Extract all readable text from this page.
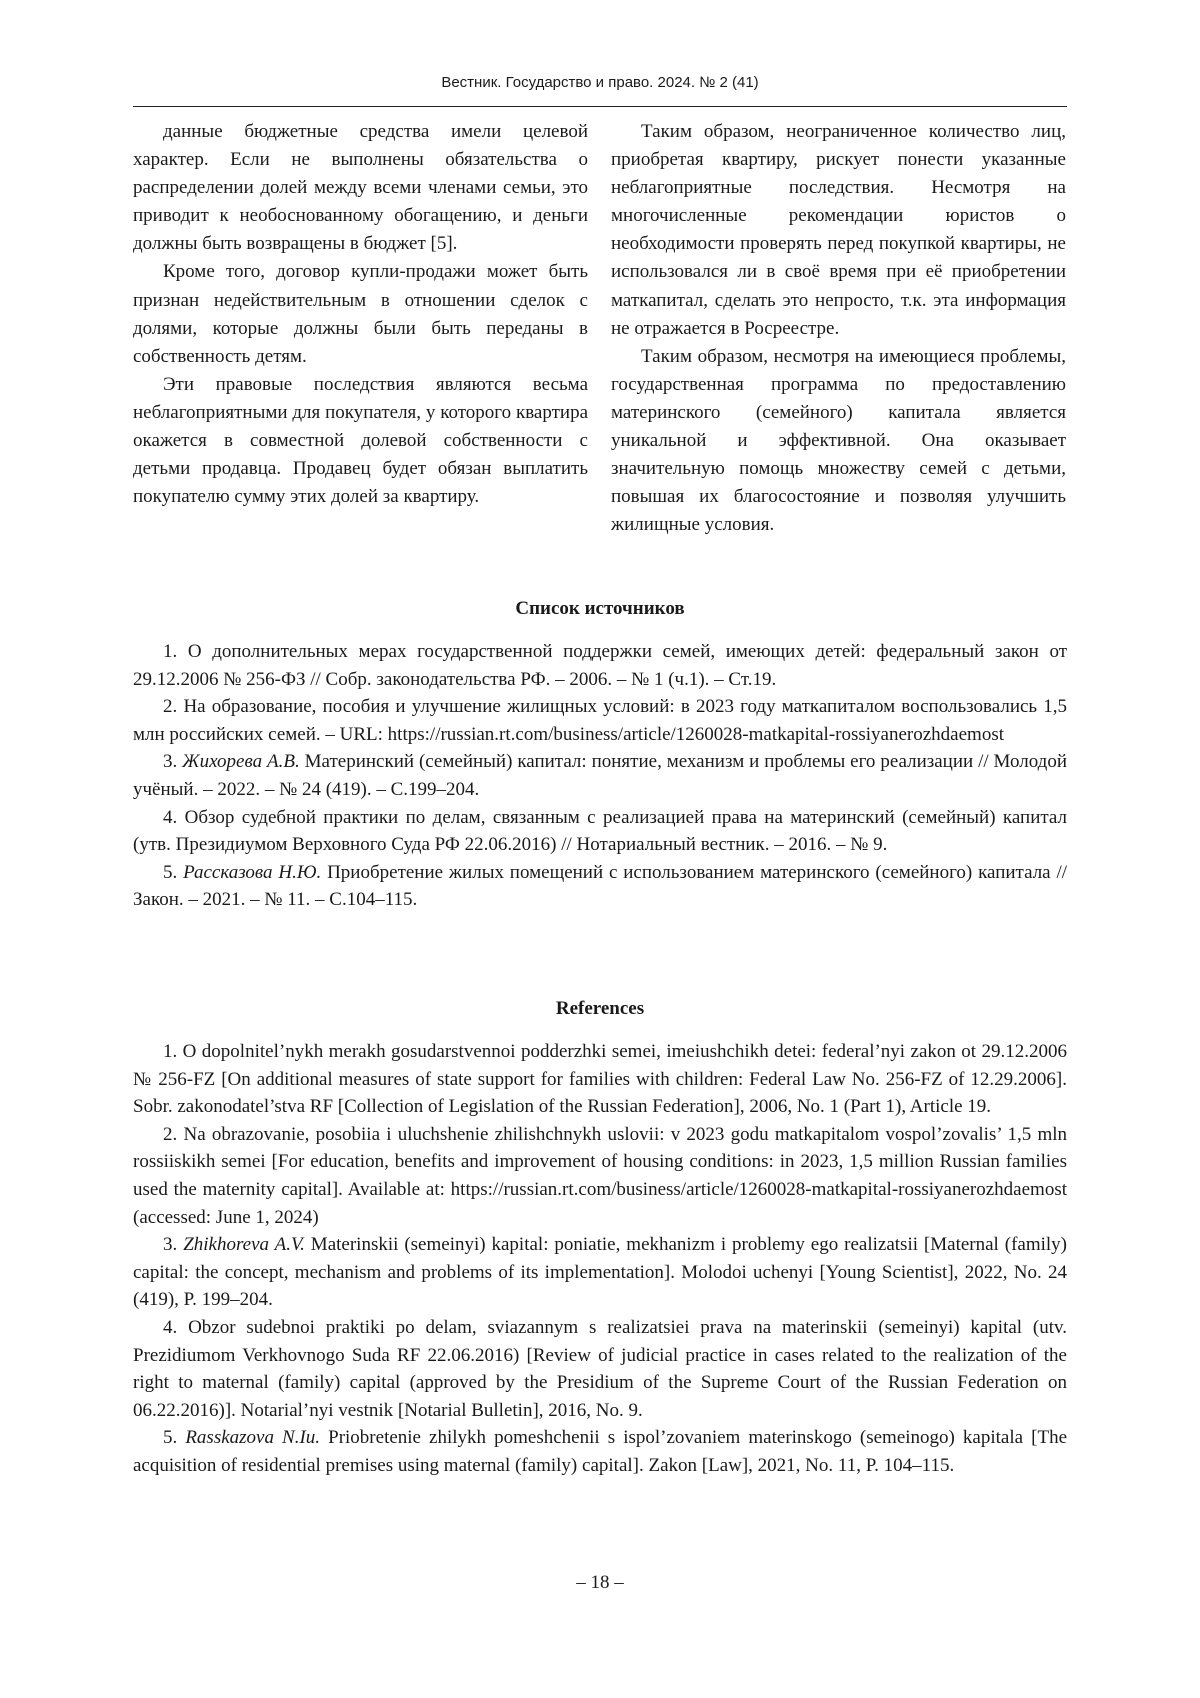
Вестник. Государство и право. 2024. № 2 (41)

данные бюджетные средства имели целевой характер. Если не выполнены обязательства о распределении долей между всеми членами семьи, это приводит к необоснованному обогащению, и деньги должны быть возвращены в бюджет [5].

Кроме того, договор купли-продажи может быть признан недействительным в отношении сделок с долями, которые должны были быть переданы в собственность детям.

Эти правовые последствия являются весьма неблагоприятными для покупателя, у которого квартира окажется в совместной долевой собственности с детьми продавца. Продавец будет обязан выплатить покупателю сумму этих долей за квартиру.

Таким образом, неограниченное количество лиц, приобретая квартиру, рискует понести указанные неблагоприятные последствия. Несмотря на многочисленные рекомендации юристов о необходимости проверять перед покупкой квартиры, не использовался ли в своё время при её приобретении маткапитал, сделать это непросто, т.к. эта информация не отражается в Росреестре.

Таким образом, несмотря на имеющиеся проблемы, государственная программа по предоставлению материнского (семейного) капитала является уникальной и эффективной. Она оказывает значительную помощь множеству семей с детьми, повышая их благосостояние и позволяя улучшить жилищные условия.

Список источников

1. О дополнительных мерах государственной поддержки семей, имеющих детей: федеральный закон от 29.12.2006 № 256-ФЗ // Собр. законодательства РФ. – 2006. – № 1 (ч.1). – Ст.19.

2. На образование, пособия и улучшение жилищных условий: в 2023 году маткапиталом воспользовались 1,5 млн российских семей. – URL: https://russian.rt.com/business/article/1260028-matkapital-rossiyanerozhdaemost

3. Жихорева А.В. Материнский (семейный) капитал: понятие, механизм и проблемы его реализации // Молодой учёный. – 2022. – № 24 (419). – С.199–204.

4. Обзор судебной практики по делам, связанным с реализацией права на материнский (семейный) капитал (утв. Президиумом Верховного Суда РФ 22.06.2016) // Нотариальный вестник. – 2016. – № 9.

5. Рассказова Н.Ю. Приобретение жилых помещений с использованием материнского (семейного) капитала // Закон. – 2021. – № 11. – С.104–115.

References

1. O dopolnitel’nykh merakh gosudarstvennoi podderzhki semei, imeiushchikh detei: federal’nyi zakon ot 29.12.2006 № 256-FZ [On additional measures of state support for families with children: Federal Law No. 256-FZ of 12.29.2006]. Sobr. zakonodatel’stva RF [Collection of Legislation of the Russian Federation], 2006, No. 1 (Part 1), Article 19.

2. Na obrazovanie, posobiia i uluchshenie zhilishchnykh uslovii: v 2023 godu matkapitalom vospol’zovalis’ 1,5 mln rossiiskikh semei [For education, benefits and improvement of housing conditions: in 2023, 1,5 million Russian families used the maternity capital]. Available at: https://russian.rt.com/business/article/1260028-matkapital-rossiyanerozhdaemost (accessed: June 1, 2024)

3. Zhikhoreva A.V. Materinskii (semeinyi) kapital: poniatie, mekhanizm i problemy ego realizatsii [Maternal (family) capital: the concept, mechanism and problems of its implementation]. Molodoi uchenyi [Young Scientist], 2022, No. 24 (419), P. 199–204.

4. Obzor sudebnoi praktiki po delam, sviazannym s realizatsiei prava na materinskii (semeinyi) kapital (utv. Prezidiumom Verkhovnogo Suda RF 22.06.2016) [Review of judicial practice in cases related to the realization of the right to maternal (family) capital (approved by the Presidium of the Supreme Court of the Russian Federation on 06.22.2016)]. Notarial’nyi vestnik [Notarial Bulletin], 2016, No. 9.

5. Rasskazova N.Iu. Priobretenie zhilykh pomeshchenii s ispol’zovaniem materinskogo (semeinogo) kapitala [The acquisition of residential premises using maternal (family) capital]. Zakon [Law], 2021, No. 11, P. 104–115.

– 18 –
